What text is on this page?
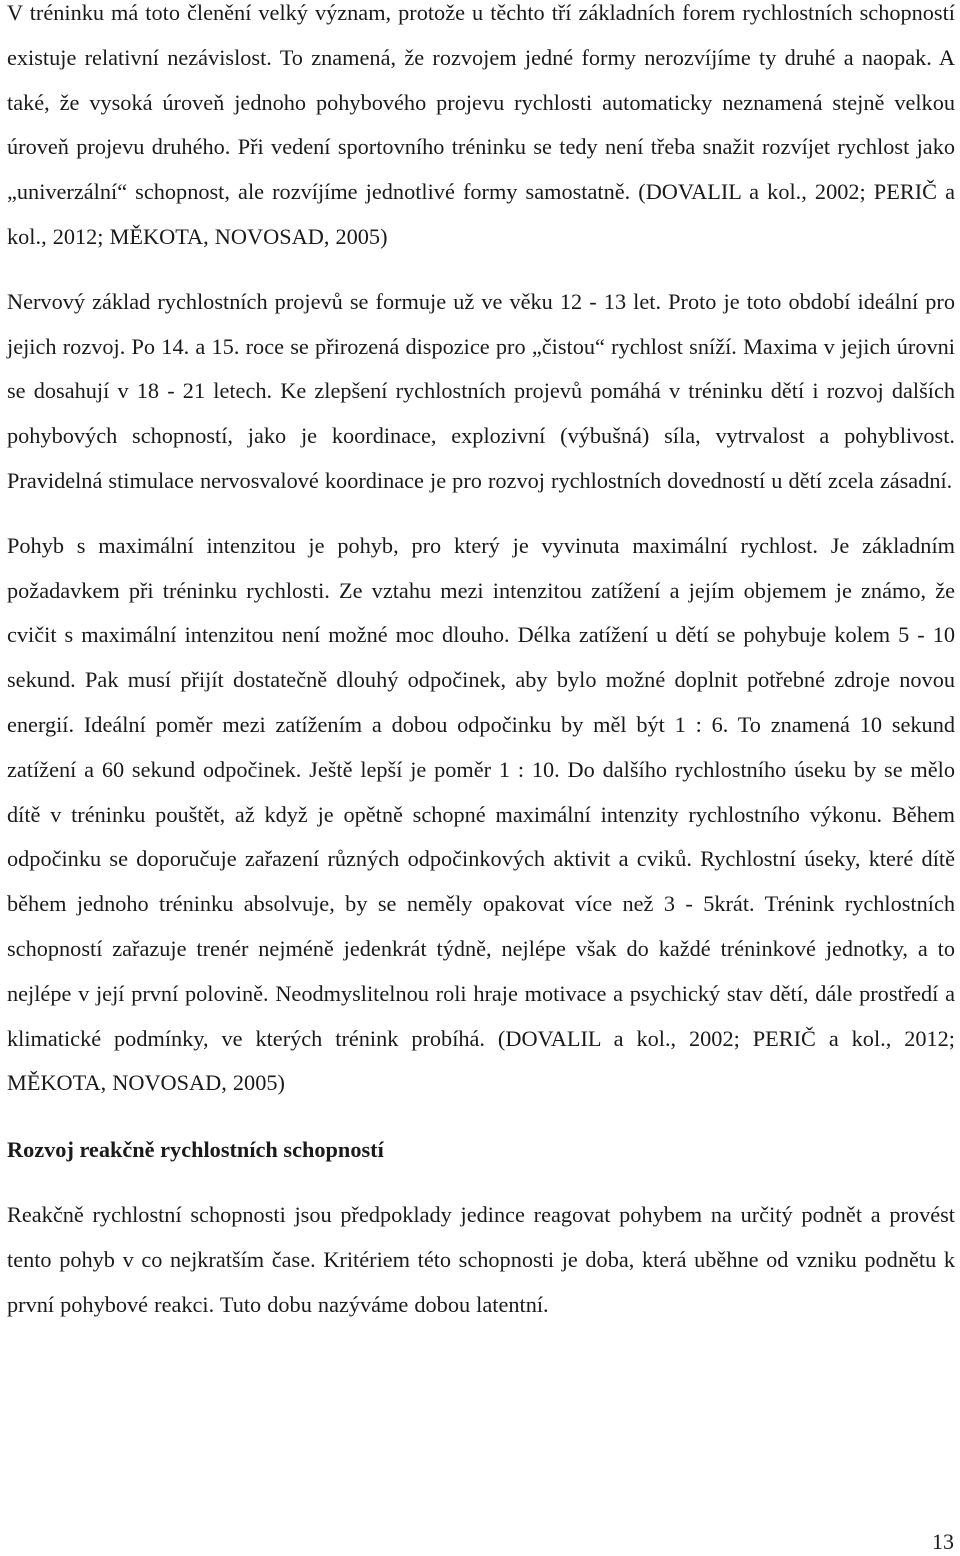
V tréninku má toto členění velký význam, protože u těchto tří základních forem rychlostních schopností existuje relativní nezávislost. To znamená, že rozvojem jedné formy nerozvíjíme ty druhé a naopak. A také, že vysoká úroveň jednoho pohybového projevu rychlosti automaticky neznamená stejně velkou úroveň projevu druhého. Při vedení sportovního tréninku se tedy není třeba snažit rozvíjet rychlost jako „univerzální“ schopnost, ale rozvíjíme jednotlivé formy samostatně. (DOVALIL a kol., 2002; PERIČ a kol., 2012; MĚKOTA, NOVOSAD, 2005)

Nervový základ rychlostních projevů se formuje už ve věku 12 - 13 let. Proto je toto období ideální pro jejich rozvoj. Po 14. a 15. roce se přirozená dispozice pro „čistou“ rychlost sníží. Maxima v jejich úrovni se dosahují v 18 - 21 letech. Ke zlepšení rychlostních projevů pomáhá v tréninku dětí i rozvoj dalších pohybových schopností, jako je koordinace, explozivní (výbušná) síla, vytrvalost a pohyblivost. Pravidelná stimulace nervosvalové koordinace je pro rozvoj rychlostních dovedností u dětí zcela zásadní.

Pohyb s maximální intenzitou je pohyb, pro který je vyvinuta maximální rychlost. Je základním požadavkem při tréninku rychlosti. Ze vztahu mezi intenzitou zatížení a jejím objemem je známo, že cvičit s maximální intenzitou není možné moc dlouho. Délka zatížení u dětí se pohybuje kolem 5 - 10 sekund. Pak musí přijít dostatečně dlouhý odpočinek, aby bylo možné doplnit potřebné zdroje novou energií. Ideální poměr mezi zatížením a dobou odpočinku by měl být 1 : 6. To znamená 10 sekund zatížení a 60 sekund odpočinek. Ještě lepší je poměr 1 : 10. Do dalšího rychlostního úseku by se mělo dítě v tréninku pouštět, až když je opětně schopné maximální intenzity rychlostního výkonu. Během odpočinku se doporučuje zařazení různých odpočinkových aktivit a cviků. Rychlostní úseky, které dítě během jednoho tréninku absolvuje, by se neměly opakovat více než 3 - 5krát. Trénink rychlostních schopností zařazuje trenér nejméně jedenkrát týdně, nejlépe však do každé tréninkové jednotky, a to nejlépe v její první polovině. Neodmyslitelnou roli hraje motivace a psychický stav dětí, dále prostředí a klimatické podmínky, ve kterých trénink probíhá. (DOVALIL a kol., 2002; PERIČ a kol., 2012; MĚKOTA, NOVOSAD, 2005)

Rozvoj reakčně rychlostních schopností

Reakčně rychlostní schopnosti jsou předpoklady jedince reagovat pohybem na určitý podnět a provést tento pohyb v co nejkratším čase. Kritériem této schopnosti je doba, která uběhne od vzniku podnětu k první pohybové reakci. Tuto dobu nazýváme dobou latentní.

13
